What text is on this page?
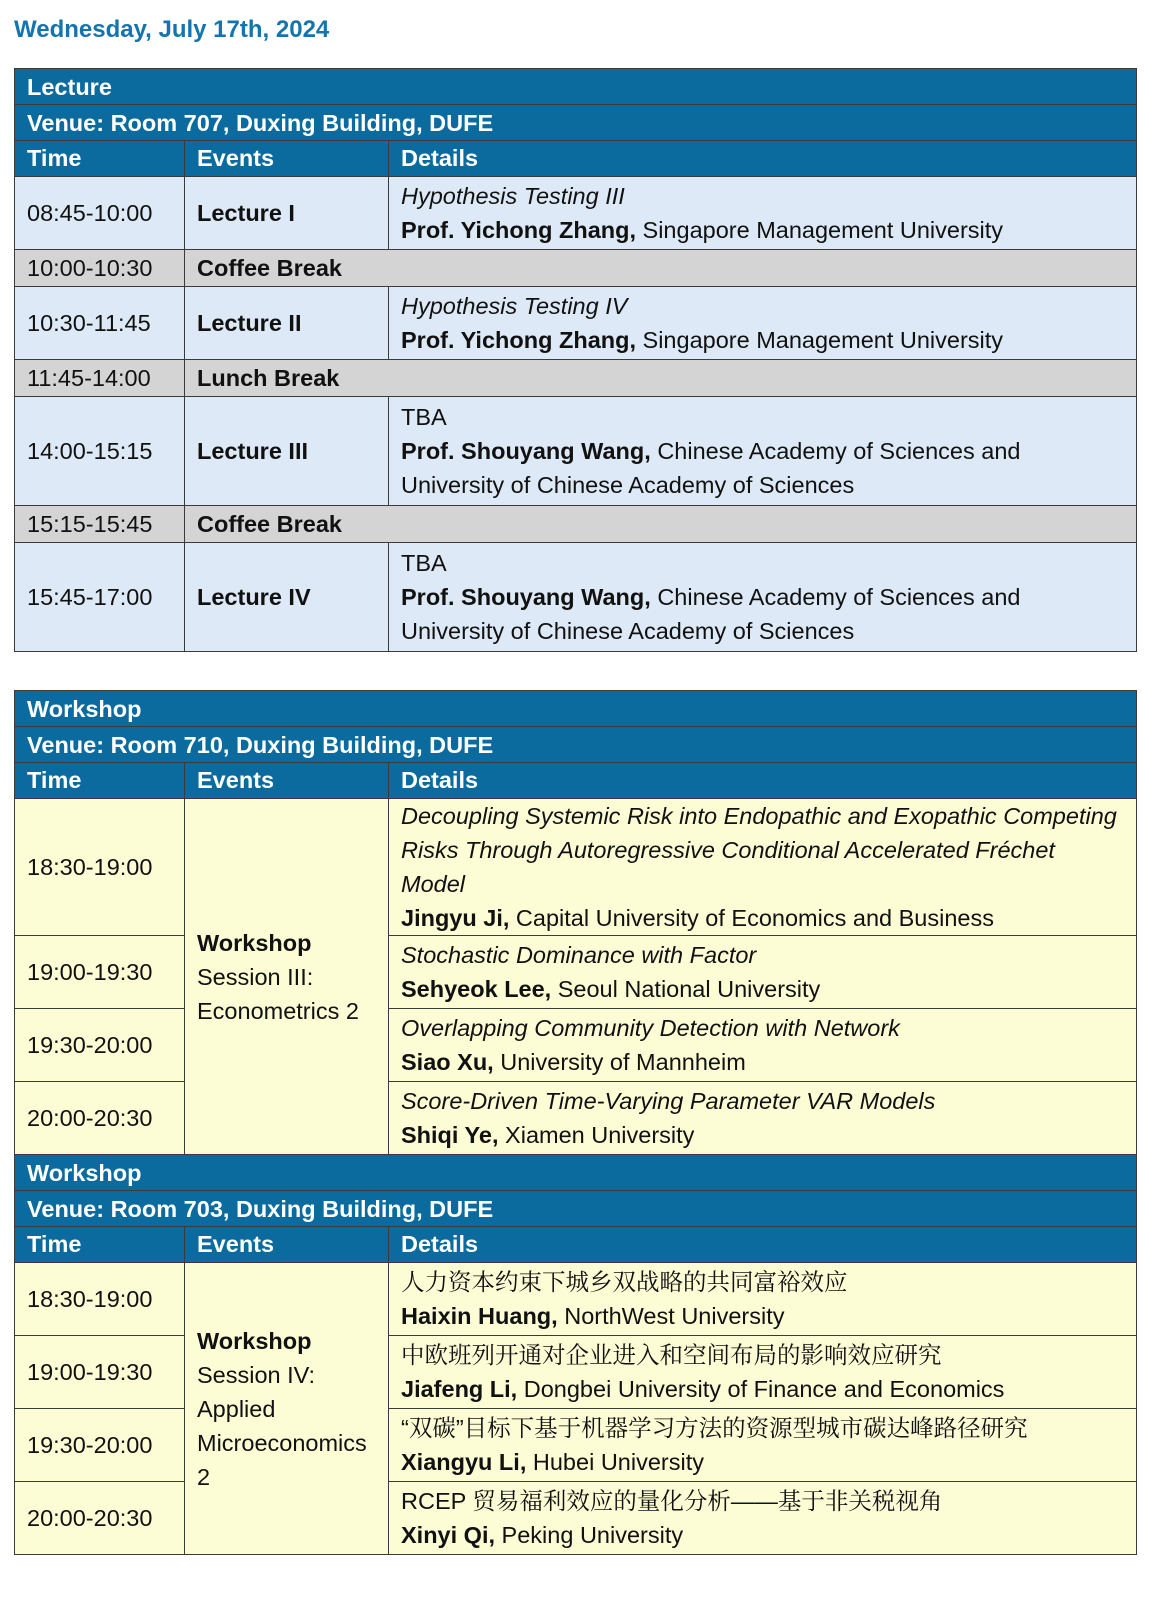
Wednesday, July 17th, 2024
Lecture		
Venue: Room 707, Duxing Building, DUFE		
Time	Events	Details
08:45-10:00	Lecture I	Hypothesis Testing III
Prof. Yichong Zhang, Singapore Management University

10:00-10:30	Coffee Break	
10:30-11:45	Lecture II	Hypothesis Testing IV
Prof. Yichong Zhang, Singapore Management University

11:45-14:00	Lunch Break	
14:00-15:15	Lecture III	TBA
Prof. Shouyang Wang, Chinese Academy of Sciences and University of Chinese Academy of Sciences

15:15-15:45	Coffee Break	
15:45-17:00	Lecture IV	TBA
Prof. Shouyang Wang, Chinese Academy of Sciences and University of Chinese Academy of Sciences
Workshop		
Venue: Room 710, Duxing Building, DUFE		
Time	Events	Details
18:30-19:00	Workshop
Session III:
Econometrics 2	Decoupling Systemic Risk into Endopathic and Exopathic Competing Risks Through Autoregressive Conditional Accelerated Fréchet Model
Jingyu Ji, Capital University of Economics and Business

19:00-19:30		Stochastic Dominance with Factor
Sehyeok Lee, Seoul National University

19:30-20:00		Overlapping Community Detection with Network
Siao Xu, University of Mannheim

20:00-20:30		Score-Driven Time-Varying Parameter VAR Models
Shiqi Ye, Xiamen University

Workshop		
Venue: Room 703, Duxing Building, DUFE		
Time	Events	Details
18:30-19:00	Workshop
Session IV:
Applied
Microeconomics 2	人力资本约束下城乡双战略的共同富裕效应
Haixin Huang, NorthWest University

19:00-19:30		中欧班列开通对企业进入和空间布局的影响效应研究
Jiafeng Li, Dongbei University of Finance and Economics

19:30-20:00		“双碳”目标下基于机器学习方法的资源型城市碳达峰路径研究
Xiangyu Li, Hubei University

20:00-20:30		RCEP 贸易福利效应的量化分析——基于非关税视角
Xinyi Qi, Peking University
